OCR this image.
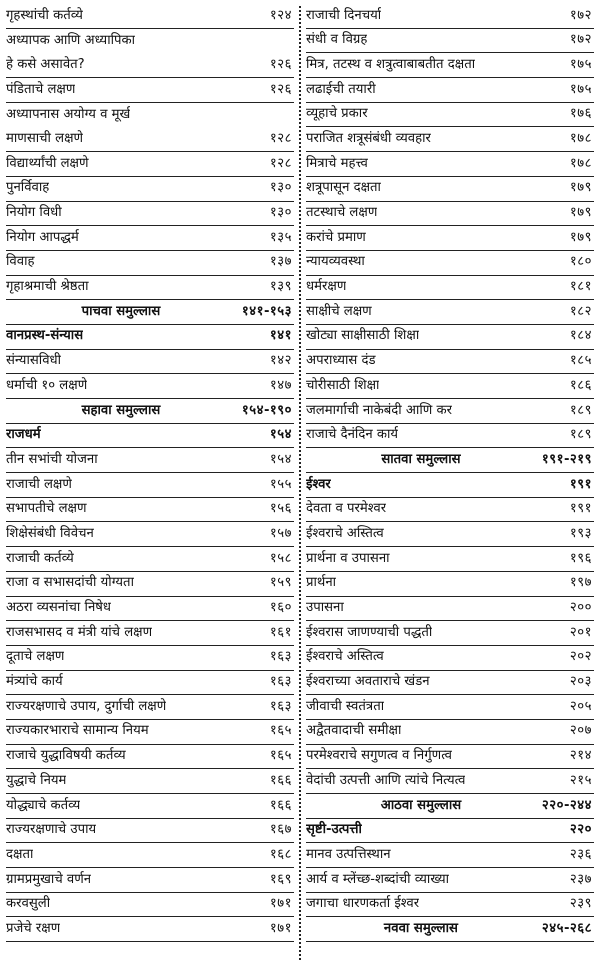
गृहस्थांची कर्तव्ये	१२४
अध्यापक आणि अध्यापिका
हे कसे असावेत?	१२६
पंडिताचे लक्षण	१२६
अध्यापनास अयोग्य व मूर्ख
माणसाची लक्षणे	१२८
विद्यार्थ्यांची लक्षणे	१२८
पुनर्विवाह	१३०
नियोग विधी	१३०
नियोग आपद्धर्म	१३५
विवाह	१३७
गृहाश्रमाची श्रेष्ठता	१३९
पाचवा समुल्लास	१४१-१५३
वानप्रस्थ-संन्यास	१४१
संन्यासविधी	१४२
धर्माची १० लक्षणे	१४७
सहावा समुल्लास	१५४-१९०
राजधर्म	१५४
तीन सभांची योजना	१५४
राजाची लक्षणे	१५५
सभापतीचे लक्षण	१५६
शिक्षेसंबंधी विवेचन	१५७
राजाची कर्तव्ये	१५८
राजा व सभासदांची योग्यता	१५९
अठरा व्यसनांचा निषेध	१६०
राजसभासद व मंत्री यांचे लक्षण	१६१
दूताचे लक्षण	१६३
मंत्र्यांचे कार्य	१६३
राज्यरक्षणाचे उपाय, दुर्गाची लक्षणे	१६३
राज्यकारभाराचे सामान्य नियम	१६५
राजाचे युद्धाविषयी कर्तव्य	१६५
युद्धाचे नियम	१६६
योद्ध्याचे कर्तव्य	१६६
राज्यरक्षणाचे उपाय	१६७
दक्षता	१६८
ग्रामप्रमुखाचे वर्णन	१६९
करवसुली	१७१
प्रजेचे रक्षण	१७१
राजाची दिनचर्या	१७२
संधी व विग्रह	१७२
मित्र, तटस्थ व शत्रुत्वाबाबतीत दक्षता	१७५
लढाईची तयारी	१७५
व्यूहाचे प्रकार	१७६
पराजित शत्रूसंबंधी व्यवहार	१७८
मित्राचे महत्त्व	१७८
शत्रूपासून दक्षता	१७९
तटस्थाचे लक्षण	१७९
करांचे प्रमाण	१७९
न्यायव्यवस्था	१८०
धर्मरक्षण	१८१
साक्षीचे लक्षण	१८२
खोट्या साक्षीसाठी शिक्षा	१८४
अपराध्यास दंड	१८५
चोरीसाठी शिक्षा	१८६
जलमार्गाची नाकेबंदी आणि कर	१८९
राजाचे दैनंदिन कार्य	१८९
सातवा समुल्लास	१९१-२१९
ईश्वर	१९१
देवता व परमेश्वर	१९१
ईश्वराचे अस्तित्व	१९३
प्रार्थना व उपासना	१९६
प्रार्थना	१९७
उपासना	२००
ईश्वरास जाणण्याची पद्धती	२०१
ईश्वराचे अस्तित्व	२०२
ईश्वराच्या अवताराचे खंडन	२०३
जीवाची स्वतंत्रता	२०५
अद्वैतवादाची समीक्षा	२०७
परमेश्वराचे सगुणत्व व निर्गुणत्व	२१४
वेदांची उत्पत्ती आणि त्यांचे नित्यत्व	२१५
आठवा समुल्लास	२२०-२४४
सृष्टी-उत्पत्ती	२२०
मानव उत्पत्तिस्थान	२३६
आर्य व म्लेंच्छ-शब्दांची व्याख्या	२३७
जगाचा धारणकर्ता ईश्वर	२३९
नववा समुल्लास	२४५-२६८
